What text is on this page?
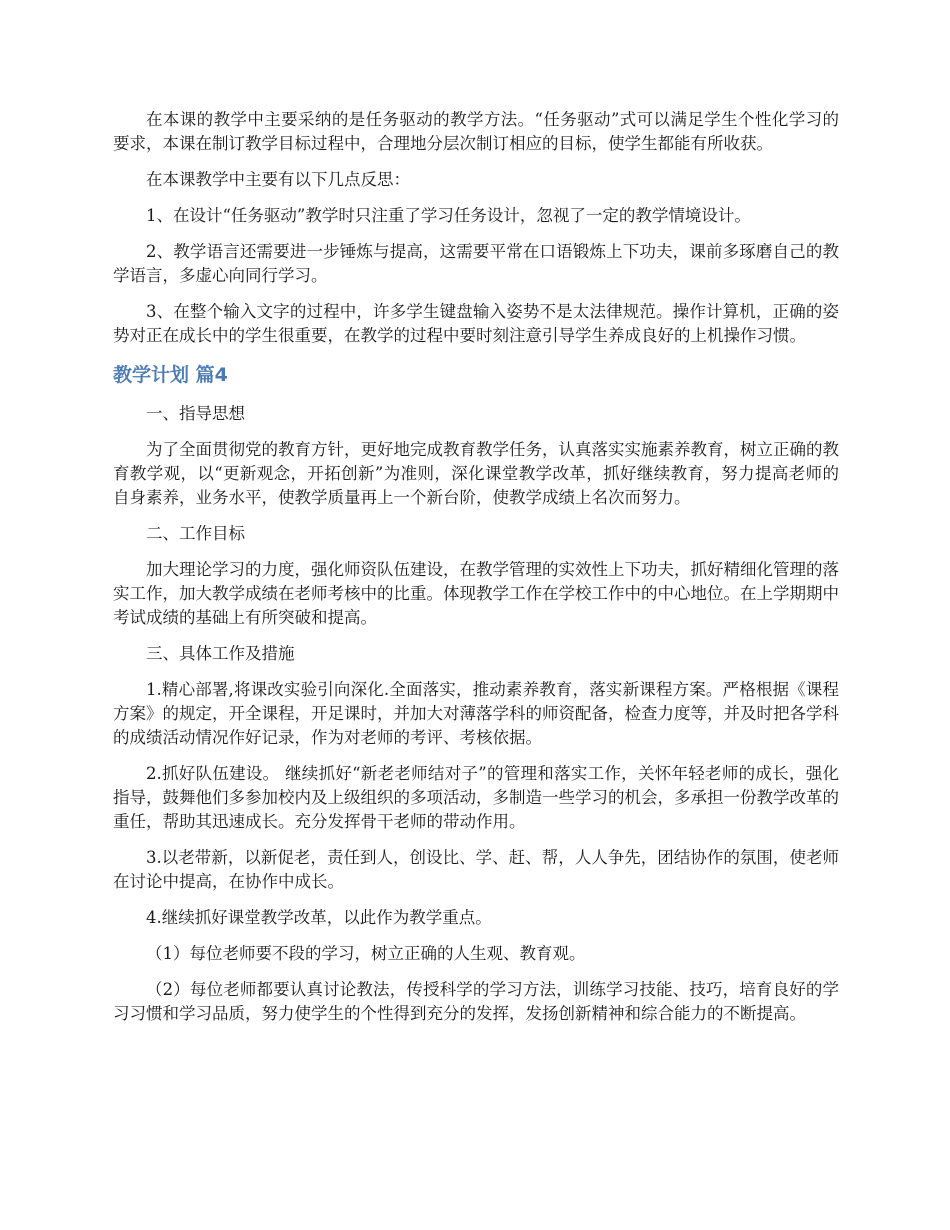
在本课的教学中主要采纳的是任务驱动的教学方法。“任务驱动”式可以满足学生个性化学习的要求，本课在制订教学目标过程中，合理地分层次制订相应的目标，使学生都能有所收获。

在本课教学中主要有以下几点反思：

1、在设计“任务驱动”教学时只注重了学习任务设计，忽视了一定的教学情境设计。

2、教学语言还需要进一步锤炼与提高，这需要平常在口语锻炼上下功夫，课前多琢磨自己的教学语言，多虚心向同行学习。

3、在整个输入文字的过程中，许多学生键盘输入姿势不是太法律规范。操作计算机，正确的姿势对正在成长中的学生很重要，在教学的过程中要时刻注意引导学生养成良好的上机操作习惯。

教学计划 篇4

一、指导思想

为了全面贯彻党的教育方针，更好地完成教育教学任务，认真落实实施素养教育，树立正确的教育教学观，以“更新观念，开拓创新”为准则，深化课堂教学改革，抓好继续教育，努力提高老师的自身素养，业务水平，使教学质量再上一个新台阶，使教学成绩上名次而努力。

二、工作目标

加大理论学习的力度，强化师资队伍建设，在教学管理的实效性上下功夫，抓好精细化管理的落实工作，加大教学成绩在老师考核中的比重。体现教学工作在学校工作中的中心地位。在上学期期中考试成绩的基础上有所突破和提高。

三、具体工作及措施

1.精心部署,将课改实验引向深化.全面落实，推动素养教育，落实新课程方案。严格根据《课程方案》的规定，开全课程，开足课时，并加大对薄落学科的师资配备，检查力度等，并及时把各学科的成绩活动情况作好记录，作为对老师的考评、考核依据。

2.抓好队伍建设。 继续抓好“新老老师结对子”的管理和落实工作，关怀年轻老师的成长，强化指导，鼓舞他们多参加校内及上级组织的多项活动，多制造一些学习的机会，多承担一份教学改革的重任，帮助其迅速成长。充分发挥骨干老师的带动作用。

3.以老带新，以新促老，责任到人，创设比、学、赶、帮，人人争先，团结协作的氛围，使老师在讨论中提高，在协作中成长。

4.继续抓好课堂教学改革，以此作为教学重点。

（1）每位老师要不段的学习，树立正确的人生观、教育观。

（2）每位老师都要认真讨论教法，传授科学的学习方法，训练学习技能、技巧，培育良好的学习习惯和学习品质，努力使学生的个性得到充分的发挥，发扬创新精神和综合能力的不断提高。
